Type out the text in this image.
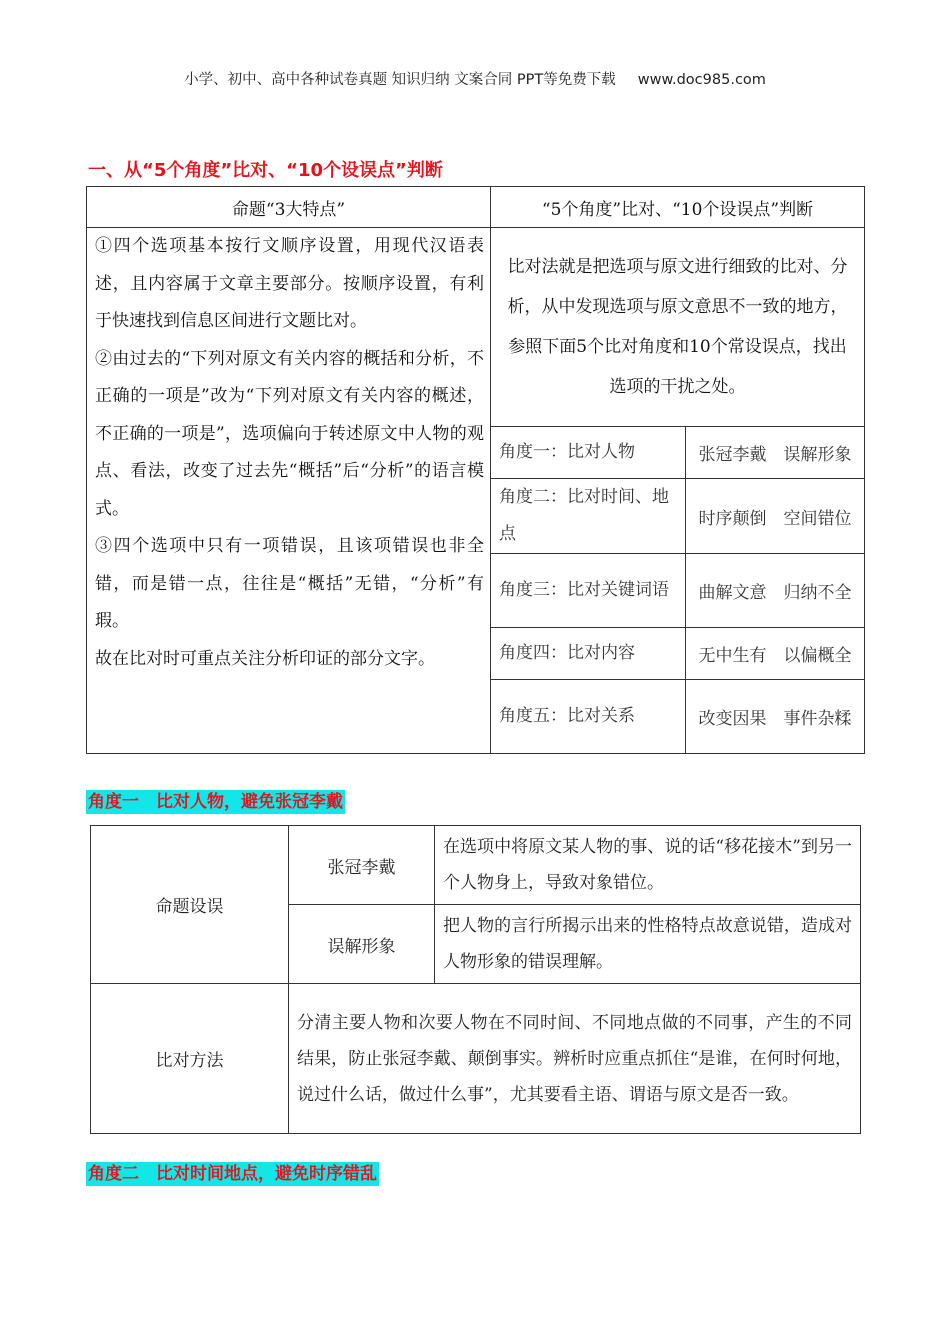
小学、初中、高中各种试卷真题 知识归纳 文案合同 PPT等免费下载 www.doc985.com
一、从“5个角度”比对、“10个设误点”判断
命题“3大特点”	“5个角度”比对、“10个设误点”判断	

①四个选项基本按行文顺序设置，用现代汉语表述，且内容属于文章主要部分。按顺序设置，有利于快速找到信息区间进行文题比对。

②由过去的“下列对原文有关内容的概括和分析，不正确的一项是”改为“下列对原文有关内容的概述，不正确的一项是”，选项偏向于转述原文中人物的观点、看法，改变了过去先“概括”后“分析”的语言模式。

③四个选项中只有一项错误，且该项错误也非全错，而是错一点，往往是“概括”无错，“分析”有瑕。

故在比对时可重点关注分析印证的部分文字。	比对法就是把选项与原文进行细致的比对、分析，从中发现选项与原文意思不一致的地方，参照下面5个比对角度和10个常设误点，找出选项的干扰之处。	
	角度一：比对人物	张冠李戴　误解形象
	角度二：比对时间、地点	时序颠倒　空间错位
	角度三：比对关键词语	曲解文意　归纳不全
	角度四：比对内容	无中生有　以偏概全
	角度五：比对关系	改变因果　事件杂糅
角度一　比对人物，避免张冠李戴
命题设误	张冠李戴	在选项中将原文某人物的事、说的话“移花接木”到另一个人物身上，导致对象错位。
	误解形象	把人物的言行所揭示出来的性格特点故意说错，造成对人物形象的错误理解。
比对方法	分清主要人物和次要人物在不同时间、不同地点做的不同事，产生的不同结果，防止张冠李戴、颠倒事实。辨析时应重点抓住“是谁，在何时何地，说过什么话，做过什么事”，尤其要看主语、谓语与原文是否一致。	
角度二　比对时间地点，避免时序错乱
